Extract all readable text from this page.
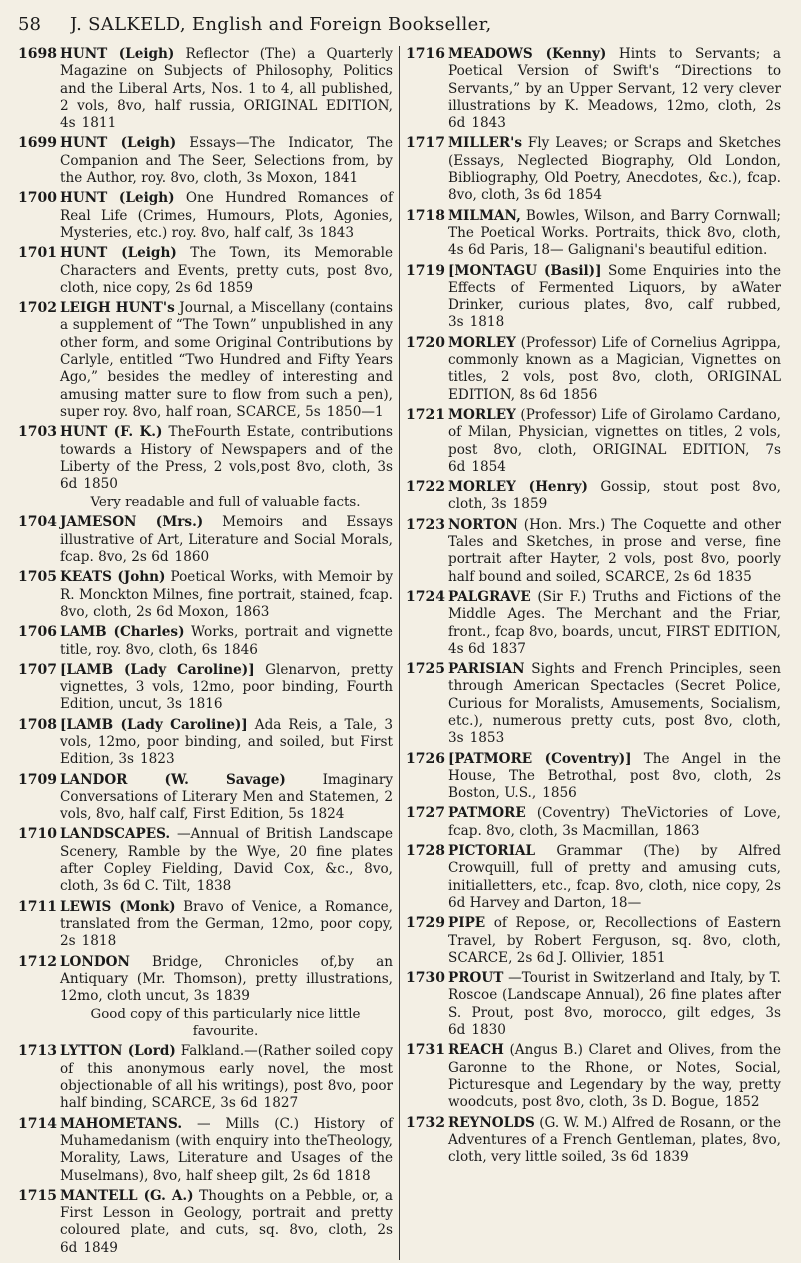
58	J. SALKELD, English and Foreign Bookseller,
1698 HUNT (Leigh) Reflector (The) a Quarterly Magazine on Subjects of Philosophy, Politics and the Liberal Arts, Nos. 1 to 4, all published, 2 vols, 8vo, half russia, ORIGINAL EDITION, 4s 1811
1699 HUNT (Leigh) Essays—The Indicator, The Companion and The Seer, Selections from, by the Author, roy. 8vo, cloth, 3s Moxon, 1841
1700 HUNT (Leigh) One Hundred Romances of Real Life (Crimes, Humours, Plots, Agonies, Mysteries, etc.) roy. 8vo, half calf, 3s 1843
1701 HUNT (Leigh) The Town, its Memorable Characters and Events, pretty cuts, post 8vo, cloth, nice copy, 2s 6d 1859
1702 LEIGH HUNT's Journal, a Miscellany (contains a supplement of “The Town” unpublished in any other form, and some Original Contributions by Carlyle, entitled “Two Hundred and Fifty Years Ago,” besides the medley of interesting and amusing matter sure to flow from such a pen), super roy. 8vo, half roan, SCARCE, 5s 1850—1
1703 HUNT (F. K.) TheFourth Estate, contributions towards a History of Newspapers and of the Liberty of the Press, 2 vols,post 8vo, cloth, 3s 6d 1850
Very readable and full of valuable facts.
1704 JAMESON (Mrs.) Memoirs and Essays illustrative of Art, Literature and Social Morals, fcap. 8vo, 2s 6d 1860
1705 KEATS (John) Poetical Works, with Memoir by R. Monckton Milnes, fine portrait, stained, fcap. 8vo, cloth, 2s 6d Moxon, 1863
1706 LAMB (Charles) Works, portrait and vignette title, roy. 8vo, cloth, 6s 1846
1707 [LAMB (Lady Caroline)] Glenarvon, pretty vignettes, 3 vols, 12mo, poor binding, Fourth Edition, uncut, 3s 1816
1708 [LAMB (Lady Caroline)] Ada Reis, a Tale, 3 vols, 12mo, poor binding, and soiled, but First Edition, 3s 1823
1709 LANDOR (W. Savage)	Imaginary Conversations of Literary Men and Statemen, 2 vols, 8vo, half calf, First Edition, 5s 1824
1710 LANDSCAPES. —Annual of British Landscape Scenery, Ramble by the Wye, 20 fine plates after Copley Fielding, David Cox, &c., 8vo, cloth, 3s 6d C. Tilt, 1838
1711 LEWIS (Monk) Bravo of Venice, a Romance, translated from the German, 12mo, poor copy, 2s 1818
1712 LONDON Bridge, Chronicles of,by an Antiquary (Mr. Thomson), pretty illustrations, 12mo, cloth uncut, 3s 1839
Good copy of this particularly nice little favourite.
1713 LYTTON (Lord) Falkland.—(Rather soiled copy of this anonymous early novel, the most objectionable of all his writings), post 8vo, poor half binding, SCARCE, 3s 6d 1827
1714 MAHOMETANS. — Mills (C.) History of Muhamedanism (with enquiry into theTheology, Morality, Laws, Literature and Usages of the Muselmans), 8vo, half sheep gilt, 2s 6d 1818
1715 MANTELL (G. A.) Thoughts on a Pebble, or, a First Lesson in Geology, portrait and pretty coloured plate, and cuts, sq. 8vo, cloth, 2s 6d 1849
1716 MEADOWS (Kenny) Hints to Servants; a Poetical Version of Swift's “Directions to Servants,” by an Upper Servant, 12 very clever illustrations by K. Meadows, 12mo, cloth, 2s 6d 1843
1717 MILLER's Fly Leaves; or Scraps and Sketches (Essays, Neglected Biography, Old London, Bibliography, Old Poetry, Anecdotes, &c.), fcap. 8vo, cloth, 3s 6d 1854
1718 MILMAN, Bowles, Wilson, and Barry Cornwall; The Poetical Works. Portraits, thick 8vo, cloth, 4s 6d Paris, 18— Galignani's beautiful edition.
1719 [MONTAGU (Basil)] Some Enquiries into the Effects of Fermented Liquors, by aWater Drinker, curious plates, 8vo, calf rubbed, 3s 1818
1720 MORLEY (Professor) Life of Cornelius Agrippa, commonly known as a Magician, Vignettes on titles, 2 vols, post 8vo, cloth, ORIGINAL EDITION, 8s 6d 1856
1721 MORLEY (Professor) Life of Girolamo Cardano, of Milan, Physician, vignettes on titles, 2 vols, post 8vo, cloth, ORIGINAL EDITION, 7s 6d 1854
1722 MORLEY (Henry) Gossip, stout post 8vo, cloth, 3s 1859
1723 NORTON (Hon. Mrs.) The Coquette and other Tales and Sketches, in prose and verse, fine portrait after Hayter, 2 vols, post 8vo, poorly half bound and soiled, SCARCE, 2s 6d 1835
1724 PALGRAVE (Sir F.) Truths and Fictions of the Middle Ages. The Merchant and the Friar, front., fcap 8vo, boards, uncut, FIRST EDITION, 4s 6d 1837
1725 PARISIAN Sights and French Principles, seen through American Spectacles (Secret Police, Curious for Moralists, Amusements, Socialism, etc.), numerous pretty cuts, post 8vo, cloth, 3s 1853
1726 [PATMORE (Coventry)] The Angel in the House, The Betrothal, post 8vo, cloth, 2s Boston, U.S., 1856
1727 PATMORE (Coventry) TheVictories of Love, fcap. 8vo, cloth, 3s Macmillan, 1863
1728 PICTORIAL Grammar (The) by Alfred Crowquill, full of pretty and amusing cuts, initialletters, etc., fcap. 8vo, cloth, nice copy, 2s 6d Harvey and Darton, 18—
1729 PIPE of Repose, or, Recollections of Eastern Travel, by Robert Ferguson, sq. 8vo, cloth, SCARCE, 2s 6d J. Ollivier, 1851
1730 PROUT —Tourist in Switzerland and Italy, by T. Roscoe (Landscape Annual), 26 fine plates after S. Prout, post 8vo, morocco, gilt edges, 3s 6d 1830
1731 REACH (Angus B.) Claret and Olives, from the Garonne to the Rhone, or Notes, Social, Picturesque and Legendary by the way, pretty woodcuts, post 8vo, cloth, 3s D. Bogue, 1852
1732 REYNOLDS (G. W. M.) Alfred de Rosann, or the Adventures of a French Gentleman, plates, 8vo, cloth, very little soiled, 3s 6d 1839
